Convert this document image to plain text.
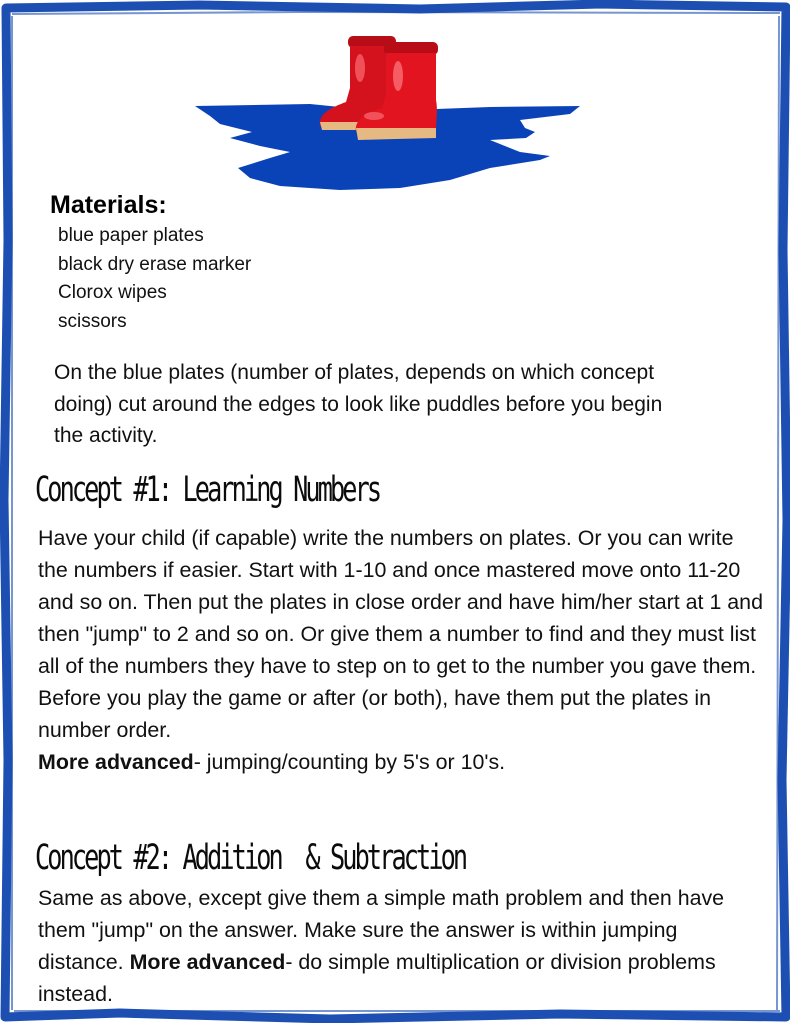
Materials:
blue paper plates
black dry erase marker
Clorox wipes
scissors
On the blue plates (number of plates, depends on which concept doing) cut around the edges to look like puddles before you begin the activity.
Concept #1: Learning Numbers
Have your child (if capable) write the numbers on plates. Or you can write the numbers if easier. Start with 1-10 and once mastered move onto 11-20 and so on. Then put the plates in close order and have him/her start at 1 and then "jump" to 2 and so on. Or give them a number to find and they must list all of the numbers they have to step on to get to the number you gave them. Before you play the game or after (or both), have them put the plates in number order.
More advanced- jumping/counting by 5's or 10's.
Concept #2: Addition  & Subtraction
Same as above, except give them a simple math problem and then have them "jump" on the answer. Make sure the answer is within jumping distance. More advanced- do simple multiplication or division problems instead.
